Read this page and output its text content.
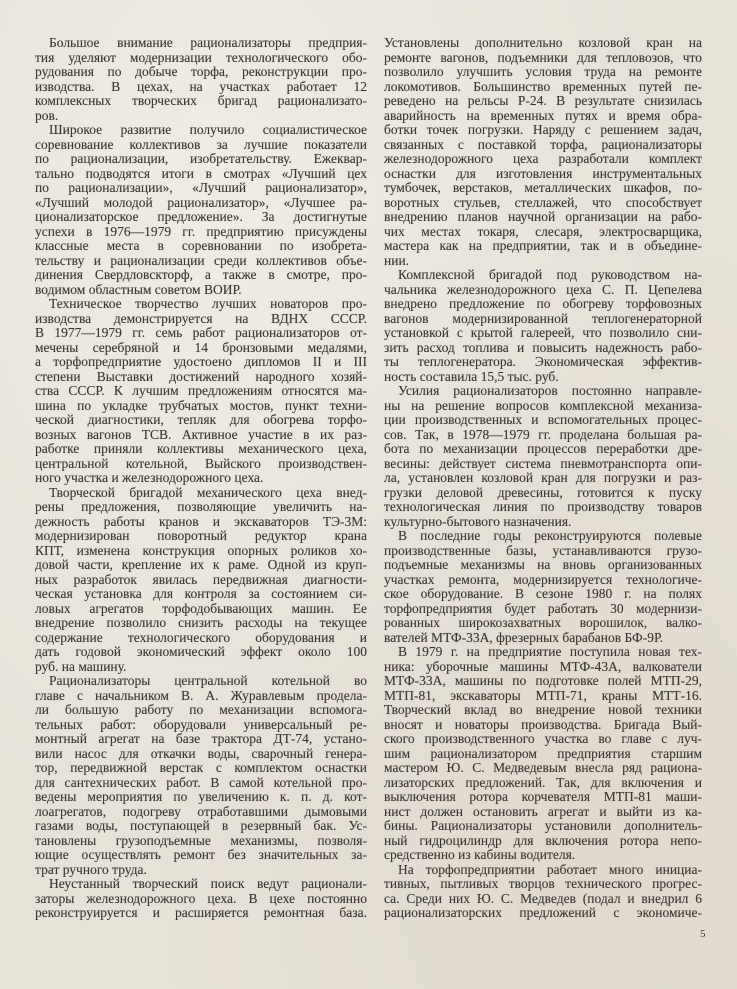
Большое внимание рационализаторы предприя-
тия уделяют модернизации технологического обо-
рудования по добыче торфа, реконструкции про-
изводства. В цехах, на участках работает 12
комплексных творческих бригад рационализато-
ров.
Широкое развитие получило социалистическое
соревнование коллективов за лучшие показатели
по рационализации, изобретательству. Ежеквар-
тально подводятся итоги в смотрах «Лучший цех
по рационализации», «Лучший рационализатор»,
«Лучший молодой рационализатор», «Лучшее ра-
ционализаторское предложение». За достигнутые
успехи в 1976—1979 гг. предприятию присуждены
классные места в соревновании по изобрета-
тельству и рационализации среди коллективов объе-
динения Свердловскторф, а также в смотре, про-
водимом областным советом ВОИР.
Техническое творчество лучших новаторов про-
изводства демонстрируется на ВДНХ СССР.
В 1977—1979 гг. семь работ рационализаторов от-
мечены серебряной и 14 бронзовыми медалями,
а торфопредприятие удостоено дипломов II и III
степени Выставки достижений народного хозяй-
ства СССР. К лучшим предложениям относятся ма-
шина по укладке трубчатых мостов, пункт техни-
ческой диагностики, тепляк для обогрева торфо-
возных вагонов ТСВ. Активное участие в их раз-
работке приняли коллективы механического цеха,
центральной котельной, Выйского производствен-
ного участка и железнодорожного цеха.
Творческой бригадой механического цеха внед-
рены предложения, позволяющие увеличить на-
дежность работы кранов и экскаваторов ТЭ-3М:
модернизирован поворотный редуктор крана
КПТ, изменена конструкция опорных роликов хо-
довой части, крепление их к раме. Одной из круп-
ных разработок явилась передвижная диагности-
ческая установка для контроля за состоянием си-
ловых агрегатов торфодобывающих машин. Ее
внедрение позволило снизить расходы на текущее
содержание технологического оборудования и
дать годовой экономический эффект около 100
руб. на машину.
Рационализаторы центральной котельной во
главе с начальником В. А. Журавлевым продела-
ли большую работу по механизации вспомога-
тельных работ: оборудовали универсальный ре-
монтный агрегат на базе трактора ДТ-74, устано-
вили насос для откачки воды, сварочный генера-
тор, передвижной верстак с комплектом оснастки
для сантехнических работ. В самой котельной про-
ведены мероприятия по увеличению к. п. д. кот-
лоагрегатов, подогреву отработавшими дымовыми
газами воды, поступающей в резервный бак. Ус-
тановлены грузоподъемные механизмы, позволя-
ющие осуществлять ремонт без значительных за-
трат ручного труда.
Неустанный творческий поиск ведут рационали-
заторы железнодорожного цеха. В цехе постоянно
реконструируется и расширяется ремонтная база.
Установлены дополнительно козловой кран на
ремонте вагонов, подъемники для тепловозов, что
позволило улучшить условия труда на ремонте
локомотивов. Большинство временных путей пе-
реведено на рельсы Р-24. В результате снизилась
аварийность на временных путях и время обра-
ботки точек погрузки. Наряду с решением задач,
связанных с поставкой торфа, рационализаторы
железнодорожного цеха разработали комплект
оснастки для изготовления инструментальных
тумбочек, верстаков, металлических шкафов, по-
воротных стульев, стеллажей, что способствует
внедрению планов научной организации на рабо-
чих местах токаря, слесаря, электросварщика,
мастера как на предприятии, так и в объедине-
нии.
Комплексной бригадой под руководством на-
чальника железнодорожного цеха С. П. Цепелева
внедрено предложение по обогреву торфовозных
вагонов модернизированной теплогенераторной
установкой с крытой галереей, что позволило сни-
зить расход топлива и повысить надежность рабо-
ты теплогенератора. Экономическая эффектив-
ность составила 15,5 тыс. руб.
Усилия рационализаторов постоянно направле-
ны на решение вопросов комплексной механиза-
ции производственных и вспомогательных процес-
сов. Так, в 1978—1979 гг. проделана большая ра-
бота по механизации процессов переработки дре-
весины: действует система пневмотранспорта опи-
ла, установлен козловой кран для погрузки и раз-
грузки деловой древесины, готовится к пуску
технологическая линия по производству товаров
культурно-бытового назначения.
В последние годы реконструируются полевые
производственные базы, устанавливаются грузо-
подъемные механизмы на вновь организованных
участках ремонта, модернизируется технологиче-
ское оборудование. В сезоне 1980 г. на полях
торфопредприятия будет работать 30 модернизи-
рованных широкозахватных ворошилок, валко-
вателей МТФ-33А, фрезерных барабанов БФ-9Р.
В 1979 г. на предприятие поступила новая тех-
ника: уборочные машины МТФ-43А, валкователи
МТФ-33А, машины по подготовке полей МТП-29,
МТП-81, экскаваторы МТП-71, краны МТТ-16.
Творческий вклад во внедрение новой техники
вносят и новаторы производства. Бригада Вый-
ского производственного участка во главе с луч-
шим рационализатором предприятия старшим
мастером Ю. С. Медведевым внесла ряд рациона-
лизаторских предложений. Так, для включения и
выключения ротора корчевателя МТП-81 маши-
нист должен остановить агрегат и выйти из ка-
бины. Рационализаторы установили дополнитель-
ный гидроцилиндр для включения ротора непо-
средственно из кабины водителя.
На торфопредприятии работает много инициа-
тивных, пытливых творцов технического прогрес-
са. Среди них Ю. С. Медведев (подал и внедрил 6
рационализаторских предложений с экономиче-
5
